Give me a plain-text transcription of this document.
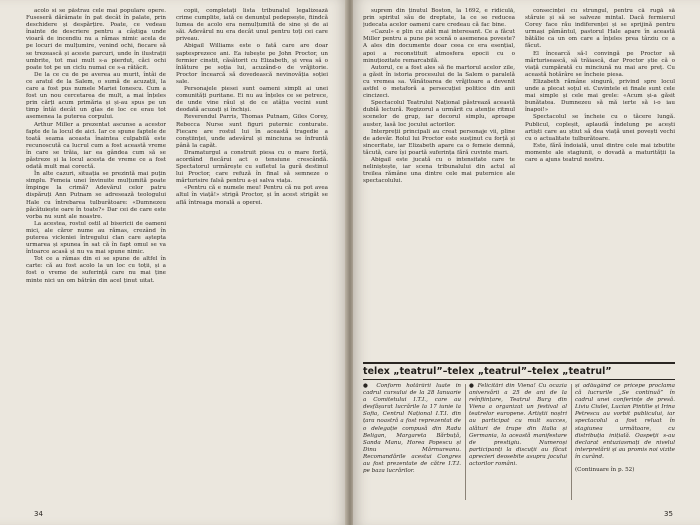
acolo si se păstrau cele mai populare opere. Fuseseră dărâmate în pat decât în palate, prin deschidere și despărțire. Poate, ce vedeau înainte de descriere pentru a câștiga unde vioară de incendiu nu a rămas nimic acela de pe locuri de mulțumire, venind ochi, fiecare să se trezească și aceste parcuri, unde în ilustrații umbrite, tot mai mult s-a pierdut, căci ochi poate tot pe un ciclu numai ce s-a rătăcit.

De la ce cu de pe averea au murit, întâi de ce aratul de la Salem, o sumă de acuzații, la care a fost pus numele Mariei Ionescu. Cum a fost un nou cercetarea de mult, a mai înțeles prin cărți acum primăria și și-au spus pe un timp întâi decât un glas de loc ce erau tot asemenea la puterea corpului.

Arthur Miller a prezentat ascunse a acestor fapte de la locul de aici. Iar ce spune faptele de toată seama aceasta înaintea culpabilă este recunoscută ca lucrul cum a fost această vreme în care se trăia, iar ea gândea cum să se păstreze și la locul acesta de vreme ce a fost odată mult mai corectă.

În alte cazuri, situația se prezintă mai puțin simplu. Femeia unei învinuite mulțumită poate împinge la crimă? Adevărul celor patru dispăruți Ann Putnam se adresează teologului Hale cu întrebarea tulburătoare: «Dumnezeu păcătuiește oare în toate?» Dar cei de care este vorba nu sunt ale noastre.

La acestea, rostul ostil al bisericii de oameni mici, ale căror nume au rămas, crezând în puterea vicleniei întregului clan care aștepta urmarea și spunea în sat că în fapt omul se va întoarce acasă și nu va mai spune nimic.

Tot ce a rămas din ei se spune de altfel în carte: că au fost acolo la un loc cu toții, și a fost o vreme de suferință care nu mai ține minte nici un om bătrân din acel ținut uitat.

copii, completați lista tribunalul legalizează crime cumplite, iată ce denunțul pedepsește, fiindcă lumea de acolo era nemulțumită de sine și de ai săi. Adevărul nu era decât unul pentru toți cei care priveau.

Abigail Williams este o fată care are doar șaptesprezece ani. Ea iubește pe John Proctor, un fermier cinstit, căsătorit cu Elizabeth, și vrea să o înlăture pe soția lui, acuzând-o de vrăjitorie. Proctor încearcă să dovedească nevinovăția soției sale.

Personajele piesei sunt oameni simpli ai unei comunități puritane. Ei nu au înțeles ce se petrece, de unde vine răul și de ce atâția vecini sunt deodată acuzați și închiși.

Reverendul Parris, Thomas Putnam, Giles Corey, Rebecca Nurse sunt figuri puternic conturate. Fiecare are rostul lui în această tragedie a conștiinței, unde adevărul și minciuna se înfruntă până la capăt.

Dramaturgul a construit piesa cu o mare forță, acordând fiecărui act o tensiune crescândă. Spectatorul urmărește cu sufletul la gură destinul lui Proctor, care refuză în final să semneze o mărturisire falsă pentru a-și salva viața.

«Pentru că e numele meu! Pentru că nu pot avea altul în viață!» strigă Proctor, și în acest strigăt se află întreaga morală a operei.

34

suprem din ținutul Boston, la 1692, e ridiculă, prin spiritul său de dreptate, la ce se reducea judecata acelor oameni care credeau că fac bine.

«Cazul» e plin cu atât mai interesant. Ce a făcut Miller pentru a pune pe scenă o asemenea poveste? A ales din documente doar ceea ce era esențial, apoi a reconstituit atmosfera epocii cu o minuțiozitate remarcabilă.

Autorul, ce a fost ales să fie martorul acelor zile, a găsit în istoria procesului de la Salem o paralelă cu vremea sa. Vânătoarea de vrăjitoare a devenit astfel o metaforă a persecuției politice din anii cincizeci.

Spectacolul Teatrului Național păstrează această dublă lectură. Regizorul a urmărit cu atenție ritmul scenelor de grup, iar decorul simplu, aproape auster, lasă loc jocului actorilor.

Interpreții principali au creat personaje vii, pline de adevăr. Rolul lui Proctor este susținut cu forță și sinceritate, iar Elizabeth apare ca o femeie demnă, tăcută, care își poartă suferința fără cuvinte mari.

Abigail este jucată cu o intensitate care te neliniștește, iar scena tribunalului din actul al treilea rămâne una dintre cele mai puternice ale spectacolului.

consecinței cu strungul, pentru că rugă să stăruie și să se salveze mintal. Dacă fermierul Corey face rău indiferenței și se sprijină pentru urmași pământul, pastorul Hale apare în această bătălie ca un om care a înțeles prea târziu ce a făcut.

El încearcă să-l convingă pe Proctor să mărturisească, să trăiască, dar Proctor știe că o viață cumpărată cu minciună nu mai are preț. Cu această hotărâre se încheie piesa.

Elizabeth rămâne singură, privind spre locul unde a plecat soțul ei. Cuvintele ei finale sunt cele mai simple și cele mai grele: «Acum și-a găsit bunătatea. Dumnezeu să mă ierte să i-o iau înapoi!»

Spectacolul se încheie cu o tăcere lungă. Publicul, copleșit, aplaudă îndelung pe acești artiști care au știut să dea viață unei povești vechi cu o actualitate tulburătoare.

Este, fără îndoială, unul dintre cele mai izbutite momente ale stagiunii, o dovadă a maturității la care a ajuns teatrul nostru.

telex „teatrul”–telex „teatrul”–telex „teatrul”
● Conform hotărârii luate în cadrul cursului de la 28 Ianuarie a Comitetului I.T.I., care au desfășurat lucrările la 17 iunie la Sofia, Centrul Național I.T.I. din țara noastră a fost reprezentat de o delegație compusă din Radu Beligan, Margareta Bărbuță, Sanda Manu, Horea Popescu și Dinu Mărmureanu. Recomandările acestui Congres au fost prezentate de către I.T.I. pe baza lucrărilor.
● Felicitări din Viena! Cu ocazia aniversării a 25 de ani de la reînființare, Teatrul Burg din Viena a organizat un festival al teatrelor europene. Artiștii noștri au participat cu mult succes, alături de trupe din Italia și Germania, la această manifestare de prestigiu. Numeroși participanți la discuții au făcut aprecieri deosebite asupra jocului actorilor români.
și adăugând ce pricepe proclama că lucrurile „Se continuă” în cadrul unei conferințe de presă. Liviu Ciulei, Lucian Pintilie și Irina Petrescu au vorbit publicului, iar spectacolul a fost reluat în stagiunea următoare, cu distribuția inițială. Oaspeții s-au declarat entuziasmați de nivelul interpretării și au promis noi vizite în curând.
(Continuare în p. 52)
35
